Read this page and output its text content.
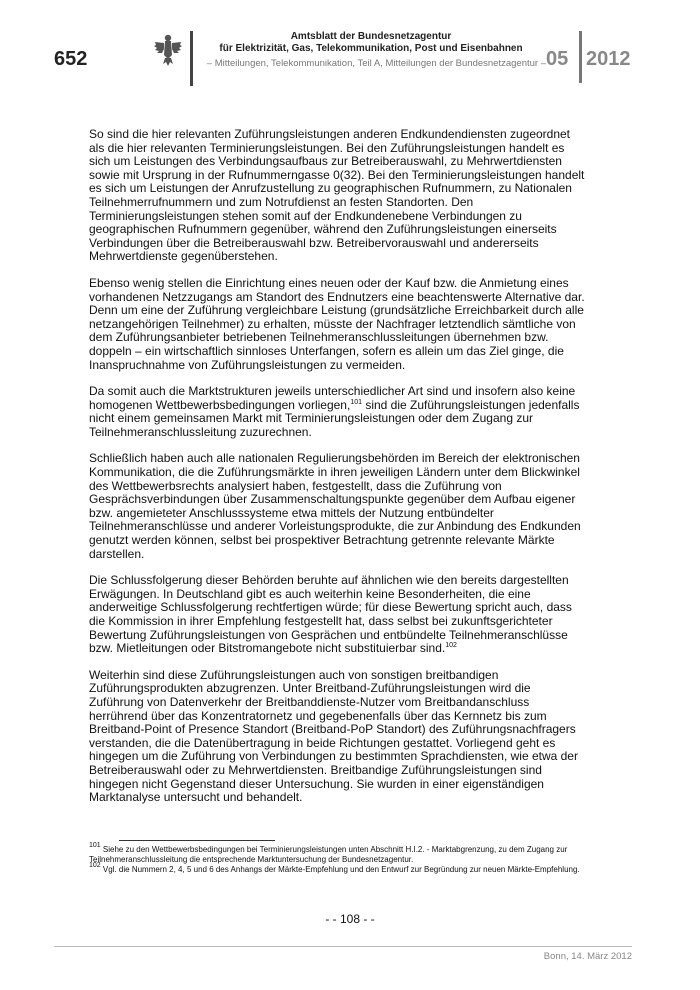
652
Amtsblatt der Bundesnetzagentur
für Elektrizität, Gas, Telekommunikation, Post und Eisenbahnen
– Mitteilungen, Telekommunikation, Teil A, Mitteilungen der Bundesnetzagentur – 05 2012

So sind die hier relevanten Zuführungsleistungen anderen Endkundendiensten zugeordnet als die hier relevanten Terminierungsleistungen. Bei den Zuführungsleistungen handelt es sich um Leistungen des Verbindungsaufbaus zur Betreiberauswahl, zu Mehrwertdiensten sowie mit Ursprung in der Rufnummerngasse 0(32). Bei den Terminierungsleistungen handelt es sich um Leistungen der Anrufzustellung zu geographischen Rufnummern, zu Nationalen Teilnehmerrufnummern und zum Notrufdienst an festen Standorten. Den Terminierungsleistungen stehen somit auf der Endkundenebene Verbindungen zu geographischen Rufnummern gegenüber, während den Zuführungsleistungen einerseits Verbindungen über die Betreiberauswahl bzw. Betreibervorauswahl und andererseits Mehrwertdienste gegenüberstehen.

Ebenso wenig stellen die Einrichtung eines neuen oder der Kauf bzw. die Anmietung eines vorhandenen Netzzugangs am Standort des Endnutzers eine beachtenswerte Alternative dar. Denn um eine der Zuführung vergleichbare Leistung (grundsätzliche Erreichbarkeit durch alle netzangehörigen Teilnehmer) zu erhalten, müsste der Nachfrager letztendlich sämtliche von dem Zuführungsanbieter betriebenen Teilnehmeranschlussleitungen übernehmen bzw. doppeln – ein wirtschaftlich sinnloses Unterfangen, sofern es allein um das Ziel ginge, die Inanspruchnahme von Zuführungsleistungen zu vermeiden.

Da somit auch die Marktstrukturen jeweils unterschiedlicher Art sind und insofern also keine homogenen Wettbewerbsbedingungen vorliegen,$^{101}$ sind die Zuführungsleistungen jedenfalls nicht einem gemeinsamen Markt mit Terminierungsleistungen oder dem Zugang zur Teilnehmeranschlussleitung zuzurechnen.

Schließlich haben auch alle nationalen Regulierungsbehörden im Bereich der elektronischen Kommunikation, die die Zuführungsmärkte in ihren jeweiligen Ländern unter dem Blickwinkel des Wettbewerbsrechts analysiert haben, festgestellt, dass die Zuführung von Gesprächsverbindungen über Zusammenschaltungspunkte gegenüber dem Aufbau eigener bzw. angemieteter Anschlusssysteme etwa mittels der Nutzung entbündelter Teilnehmeranschlüsse und anderer Vorleistungsprodukte, die zur Anbindung des Endkunden genutzt werden können, selbst bei prospektiver Betrachtung getrennte relevante Märkte darstellen.

Die Schlussfolgerung dieser Behörden beruhte auf ähnlichen wie den bereits dargestellten Erwägungen. In Deutschland gibt es auch weiterhin keine Besonderheiten, die eine anderweitige Schlussfolgerung rechtfertigen würde; für diese Bewertung spricht auch, dass die Kommission in ihrer Empfehlung festgestellt hat, dass selbst bei zukunftsgerichteter Bewertung Zuführungsleistungen von Gesprächen und entbündelte Teilnehmeranschlüsse bzw. Mietleitungen oder Bitstromangebote nicht substituierbar sind.$^{102}$

Weiterhin sind diese Zuführungsleistungen auch von sonstigen breitbandigen Zuführungsprodukten abzugrenzen. Unter Breitband-Zuführungsleistungen wird die Zuführung von Datenverkehr der Breitbanddienste-Nutzer vom Breitbandanschluss herrührend über das Konzentratornetz und gegebenenfalls über das Kernnetz bis zum Breitband-Point of Presence Standort (Breitband-PoP Standort) des Zuführungsnachfragers verstanden, die die Datenübertragung in beide Richtungen gestattet. Vorliegend geht es hingegen um die Zuführung von Verbindungen zu bestimmten Sprachdiensten, wie etwa der Betreiberauswahl oder zu Mehrwertdiensten. Breitbandige Zuführungsleistungen sind hingegen nicht Gegenstand dieser Untersuchung. Sie wurden in einer eigenständigen Marktanalyse untersucht und behandelt.

$^{101}$ Siehe zu den Wettbewerbsbedingungen bei Terminierungsleistungen unten Abschnitt H.I.2. - Marktabgrenzung, zu dem Zugang zur Teilnehmeranschlussleitung die entsprechende Marktuntersuchung der Bundesnetzagentur.
$^{102}$ Vgl. die Nummern 2, 4, 5 und 6 des Anhangs der Märkte-Empfehlung und den Entwurf zur Begründung zur neuen Märkte-Empfehlung.
- - 108 - -
Bonn, 14. März 2012
